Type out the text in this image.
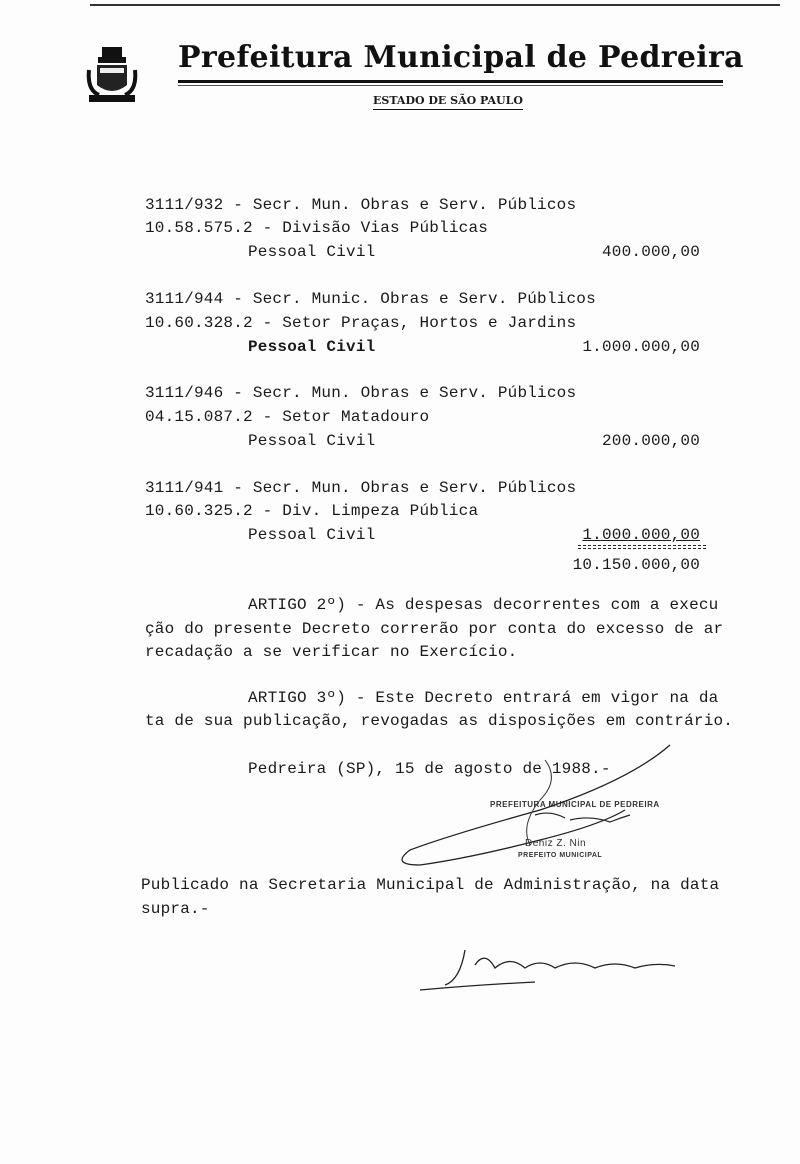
Prefeitura Municipal de Pedreira
ESTADO DE SÃO PAULO
3111/932 - Secr. Mun. Obras e Serv. Públicos
10.58.575.2 - Divisão Vias Públicas
Pessoal Civil	400.000,00
3111/944 - Secr. Munic. Obras e Serv. Públicos
10.60.328.2 - Setor Praças, Hortos e Jardins
Pessoal Civil	1.000.000,00
3111/946 - Secr. Mun. Obras e Serv. Públicos
04.15.087.2 - Setor Matadouro
Pessoal Civil	200.000,00
3111/941 - Secr. Mun. Obras e Serv. Públicos
10.60.325.2 - Div. Limpeza Pública
Pessoal Civil	1.000.000,00
10.150.000,00
ARTIGO 2º) - As despesas decorrentes com a execu
ção do presente Decreto correrão por conta do excesso de ar
recadação a se verificar no Exercício.
ARTIGO 3º) - Este Decreto entrará em vigor na da
ta de sua publicação, revogadas as disposições em contrário.
Pedreira (SP), 15 de agosto de 1988.-
PREFEITURA MUNICIPAL DE PEDREIRA
Deniz Z. Nin
PREFEITO MUNICIPAL
Publicado na Secretaria Municipal de Administração, na data
supra.-
